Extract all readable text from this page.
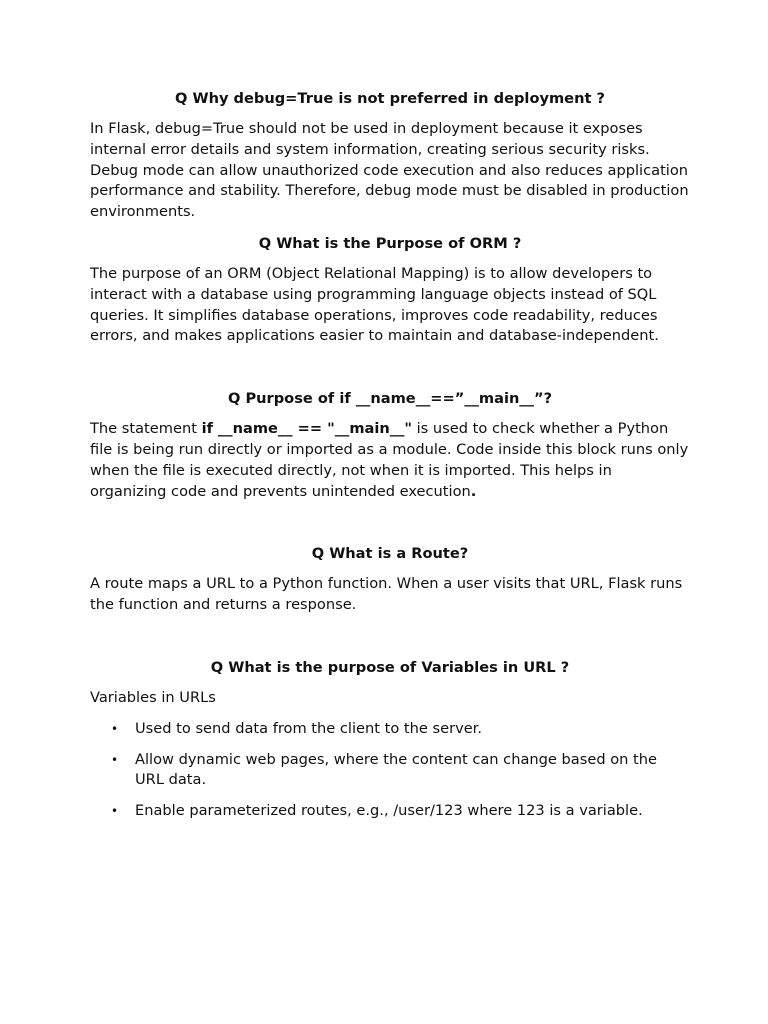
Q Why debug=True is not preferred in deployment ?

In Flask, debug=True should not be used in deployment because it exposes internal error details and system information, creating serious security risks. Debug mode can allow unauthorized code execution and also reduces application performance and stability. Therefore, debug mode must be disabled in production environments.

Q What is the Purpose of ORM ?

The purpose of an ORM (Object Relational Mapping) is to allow developers to interact with a database using programming language objects instead of SQL queries. It simplifies database operations, improves code readability, reduces errors, and makes applications easier to maintain and database-independent.

Q Purpose of if __name__==”__main__”?

The statement if __name__ == "__main__" is used to check whether a Python file is being run directly or imported as a module. Code inside this block runs only when the file is executed directly, not when it is imported. This helps in organizing code and prevents unintended execution.

Q What is a Route?

A route maps a URL to a Python function. When a user visits that URL, Flask runs the function and returns a response.

Q What is the purpose of Variables in URL ?

Variables in URLs

• Used to send data from the client to the server.
• Allow dynamic web pages, where the content can change based on the URL data.
• Enable parameterized routes, e.g., /user/123 where 123 is a variable.
